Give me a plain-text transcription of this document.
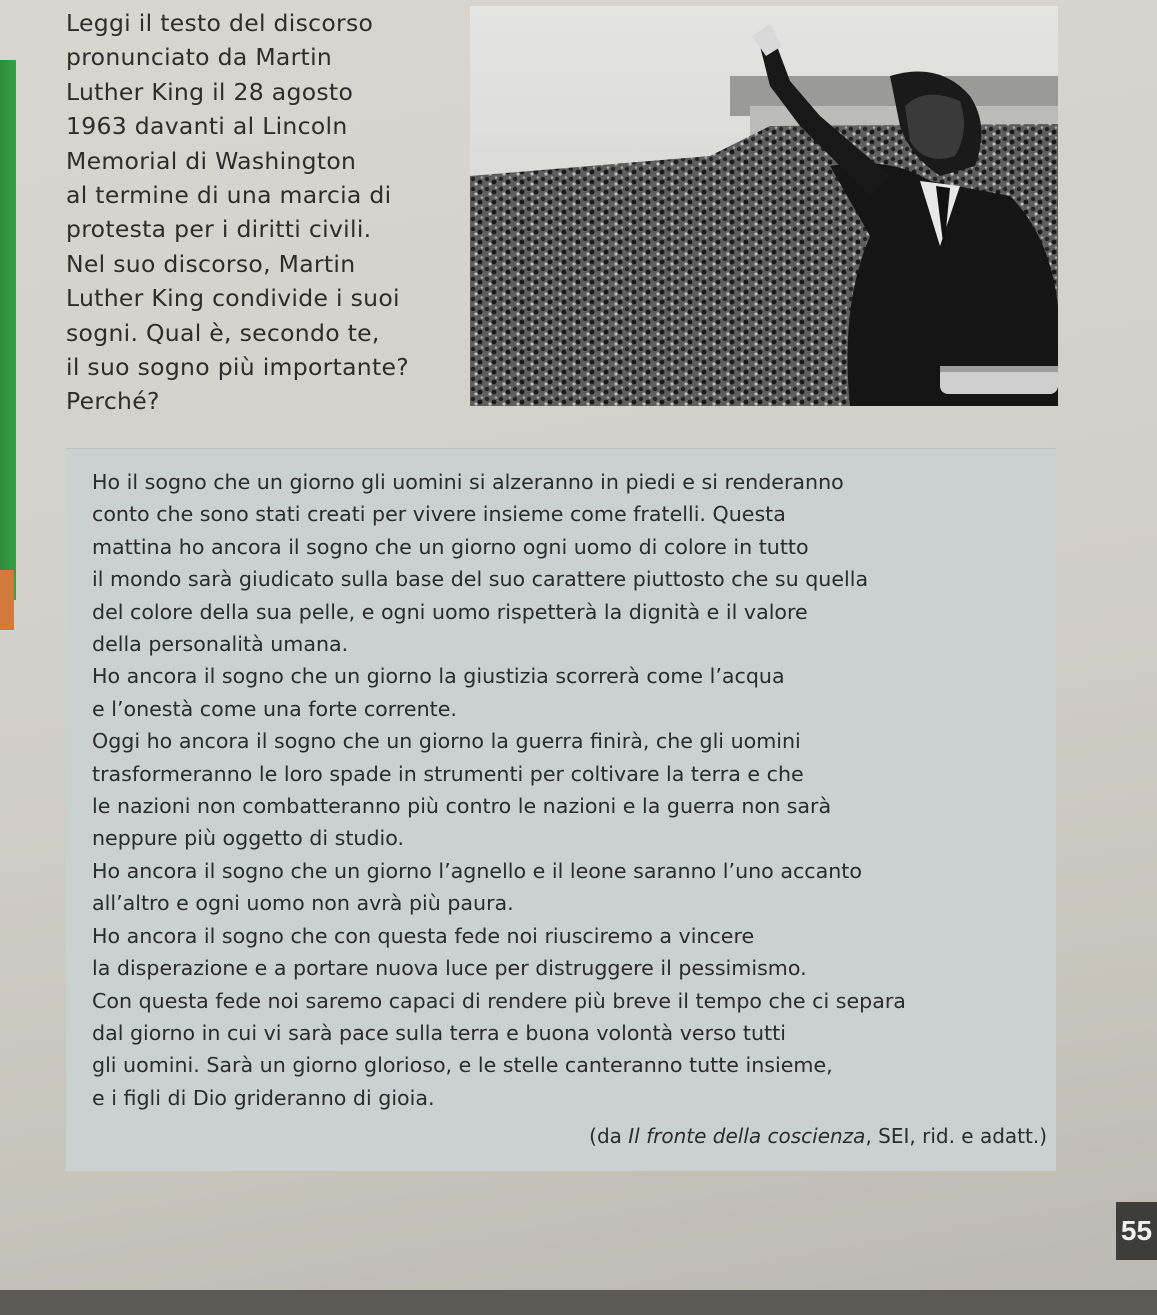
Leggi il testo del discorso
pronunciato da Martin
Luther King il 28 agosto
1963 davanti al Lincoln
Memorial di Washington
al termine di una marcia di
protesta per i diritti civili.
Nel suo discorso, Martin
Luther King condivide i suoi
sogni. Qual è, secondo te,
il suo sogno più importante?
Perché?
Ho il sogno che un giorno gli uomini si alzeranno in piedi e si renderanno
conto che sono stati creati per vivere insieme come fratelli. Questa
mattina ho ancora il sogno che un giorno ogni uomo di colore in tutto
il mondo sarà giudicato sulla base del suo carattere piuttosto che su quella
del colore della sua pelle, e ogni uomo rispetterà la dignità e il valore
della personalità umana.
Ho ancora il sogno che un giorno la giustizia scorrerà come l’acqua
e l’onestà come una forte corrente.
Oggi ho ancora il sogno che un giorno la guerra finirà, che gli uomini
trasformeranno le loro spade in strumenti per coltivare la terra e che
le nazioni non combatteranno più contro le nazioni e la guerra non sarà
neppure più oggetto di studio.
Ho ancora il sogno che un giorno l’agnello e il leone saranno l’uno accanto
all’altro e ogni uomo non avrà più paura.
Ho ancora il sogno che con questa fede noi riusciremo a vincere
la disperazione e a portare nuova luce per distruggere il pessimismo.
Con questa fede noi saremo capaci di rendere più breve il tempo che ci separa
dal giorno in cui vi sarà pace sulla terra e buona volontà verso tutti
gli uomini. Sarà un giorno glorioso, e le stelle canteranno tutte insieme,
e i figli di Dio grideranno di gioia.
(da Il fronte della coscienza, SEI, rid. e adatt.)
55
